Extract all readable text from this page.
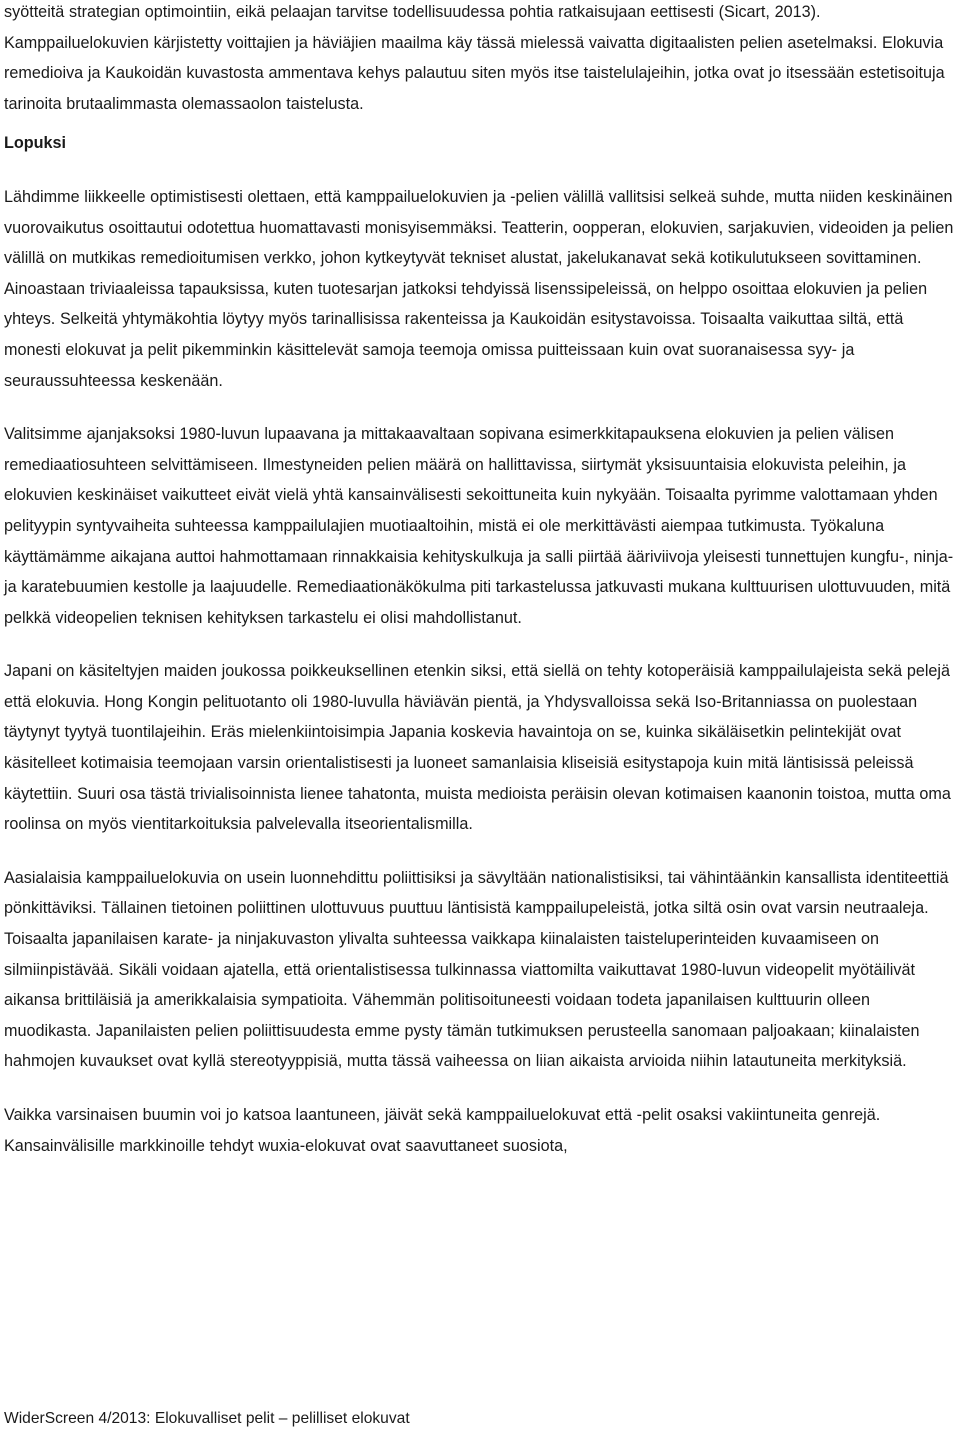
syötteitä strategian optimointiin, eikä pelaajan tarvitse todellisuudessa pohtia ratkaisujaan eettisesti (Sicart, 2013). Kamppailuelokuvien kärjistetty voittajien ja häviäjien maailma käy tässä mielessä vaivatta digitaalisten pelien asetelmaksi. Elokuvia remedioiva ja Kaukoidän kuvastosta ammentava kehys palautuu siten myös itse taistelulajeihin, jotka ovat jo itsessään estetisoituja tarinoita brutaalimmasta olemassaolon taistelusta.

Lopuksi

Lähdimme liikkeelle optimistisesti olettaen, että kamppailuelokuvien ja -pelien välillä vallitsisi selkeä suhde, mutta niiden keskinäinen vuorovaikutus osoittautui odotettua huomattavasti monisyisemmäksi. Teatterin, oopperan, elokuvien, sarjakuvien, videoiden ja pelien välillä on mutkikas remedioitumisen verkko, johon kytkeytyvät tekniset alustat, jakelukanavat sekä kotikulutukseen sovittaminen. Ainoastaan triviaaleissa tapauksissa, kuten tuotesarjan jatkoksi tehdyissä lisenssipeleissä, on helppo osoittaa elokuvien ja pelien yhteys. Selkeitä yhtymäkohtia löytyy myös tarinallisissa rakenteissa ja Kaukoidän esitystavoissa. Toisaalta vaikuttaa siltä, että monesti elokuvat ja pelit pikemminkin käsittelevät samoja teemoja omissa puitteissaan kuin ovat suoranaisessa syy- ja seuraussuhteessa keskenään.

Valitsimme ajanjaksoksi 1980-luvun lupaavana ja mittakaavaltaan sopivana esimerkkitapauksena elokuvien ja pelien välisen remediaatiosuhteen selvittämiseen. Ilmestyneiden pelien määrä on hallittavissa, siirtymät yksisuuntaisia elokuvista peleihin, ja elokuvien keskinäiset vaikutteet eivät vielä yhtä kansainvälisesti sekoittuneita kuin nykyään. Toisaalta pyrimme valottamaan yhden pelityypin syntyvaiheita suhteessa kamppailulajien muotiaaltoihin, mistä ei ole merkittävästi aiempaa tutkimusta. Työkaluna käyttämämme aikajana auttoi hahmottamaan rinnakkaisia kehityskulkuja ja salli piirtää ääriviivoja yleisesti tunnettujen kungfu-, ninja- ja karatebuumien kestolle ja laajuudelle. Remediaationäkökulma piti tarkastelussa jatkuvasti mukana kulttuurisen ulottuvuuden, mitä pelkkä videopelien teknisen kehityksen tarkastelu ei olisi mahdollistanut.

Japani on käsiteltyjen maiden joukossa poikkeuksellinen etenkin siksi, että siellä on tehty kotoperäisiä kamppailulajeista sekä pelejä että elokuvia. Hong Kongin pelituotanto oli 1980-luvulla häviävän pientä, ja Yhdysvalloissa sekä Iso-Britanniassa on puolestaan täytynyt tyytyä tuontilajeihin. Eräs mielenkiintoisimpia Japania koskevia havaintoja on se, kuinka sikäläisetkin pelintekijät ovat käsitelleet kotimaisia teemojaan varsin orientalistisesti ja luoneet samanlaisia kliseisiä esitystapoja kuin mitä läntisissä peleissä käytettiin. Suuri osa tästä trivialisoinnista lienee tahatonta, muista medioista peräisin olevan kotimaisen kaanonin toistoa, mutta oma roolinsa on myös vientitarkoituksia palvelevalla itseorientalismilla.

Aasialaisia kamppailuelokuvia on usein luonnehdittu poliittisiksi ja sävyltään nationalistisiksi, tai vähintäänkin kansallista identiteettiä pönkittäviksi. Tällainen tietoinen poliittinen ulottuvuus puuttuu läntisistä kamppailupeleistä, jotka siltä osin ovat varsin neutraaleja. Toisaalta japanilaisen karate- ja ninjakuvaston ylivalta suhteessa vaikkapa kiinalaisten taisteluperinteiden kuvaamiseen on silmiinpistävää. Sikäli voidaan ajatella, että orientalistisessa tulkinnassa viattomilta vaikuttavat 1980-luvun videopelit myötäilivät aikansa brittiläisiä ja amerikkalaisia sympatioita. Vähemmän politisoituneesti voidaan todeta japanilaisen kulttuurin olleen muodikasta. Japanilaisten pelien poliittisuudesta emme pysty tämän tutkimuksen perusteella sanomaan paljoakaan; kiinalaisten hahmojen kuvaukset ovat kyllä stereotyyppisiä, mutta tässä vaiheessa on liian aikaista arvioida niihin latautuneita merkityksiä.

Vaikka varsinaisen buumin voi jo katsoa laantuneen, jäivät sekä kamppailuelokuvat että -pelit osaksi vakiintuneita genrejä. Kansainvälisille markkinoille tehdyt wuxia-elokuvat ovat saavuttaneet suosiota,

WiderScreen 4/2013: Elokuvalliset pelit – pelilliset elokuvat
